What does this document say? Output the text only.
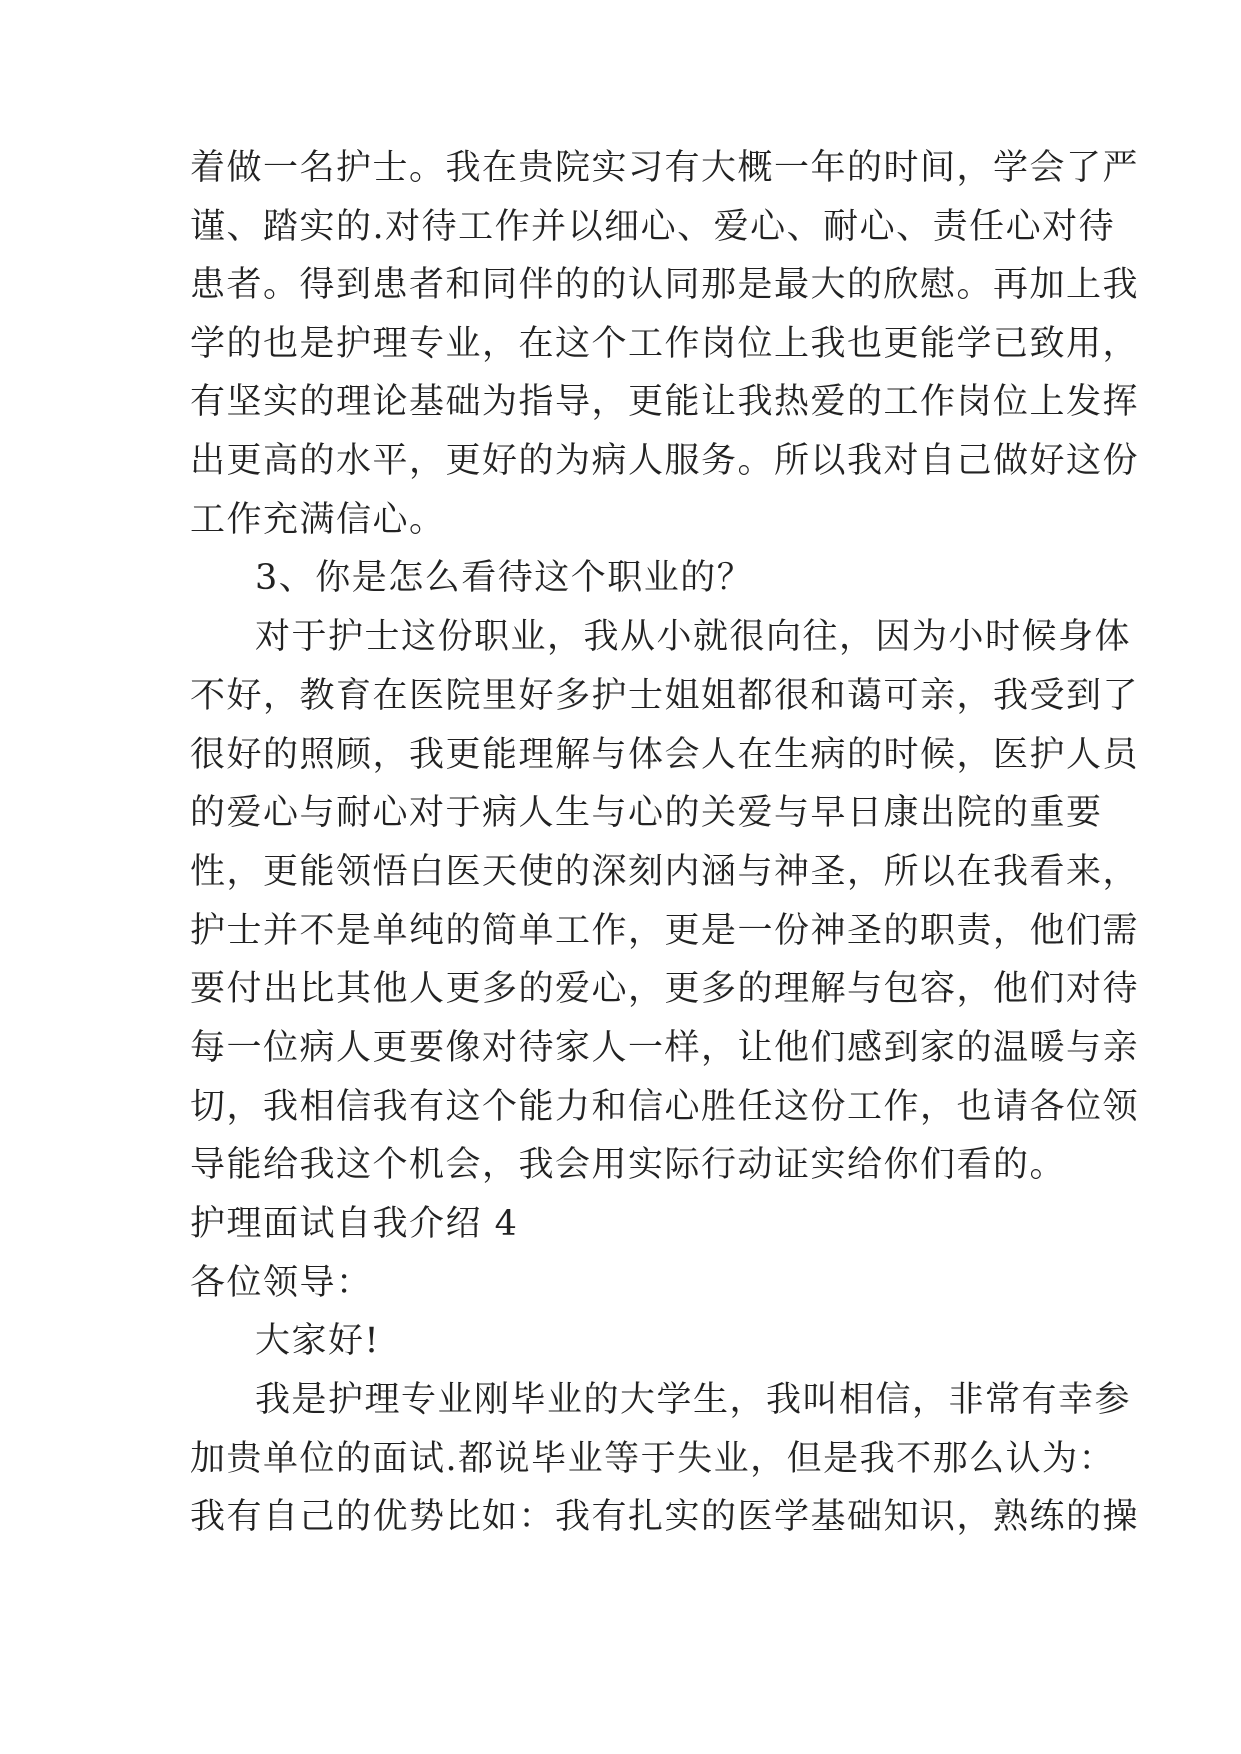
着做一名护士。我在贵院实习有大概一年的时间，学会了严
谨、踏实的.对待工作并以细心、爱心、耐心、责任心对待
患者。得到患者和同伴的的认同那是最大的欣慰。再加上我
学的也是护理专业，在这个工作岗位上我也更能学已致用，
有坚实的理论基础为指导，更能让我热爱的工作岗位上发挥
出更高的水平，更好的为病人服务。所以我对自己做好这份
工作充满信心。
3、你是怎么看待这个职业的？
对于护士这份职业，我从小就很向往，因为小时候身体
不好，教育在医院里好多护士姐姐都很和蔼可亲，我受到了
很好的照顾，我更能理解与体会人在生病的时候，医护人员
的爱心与耐心对于病人生与心的关爱与早日康出院的重要
性，更能领悟白医天使的深刻内涵与神圣，所以在我看来，
护士并不是单纯的简单工作，更是一份神圣的职责，他们需
要付出比其他人更多的爱心，更多的理解与包容，他们对待
每一位病人更要像对待家人一样，让他们感到家的温暖与亲
切，我相信我有这个能力和信心胜任这份工作，也请各位领
导能给我这个机会，我会用实际行动证实给你们看的。
护理面试自我介绍 4
各位领导：
大家好!
我是护理专业刚毕业的大学生，我叫相信，非常有幸参
加贵单位的面试.都说毕业等于失业，但是我不那么认为：
我有自己的优势比如：我有扎实的医学基础知识，熟练的操
